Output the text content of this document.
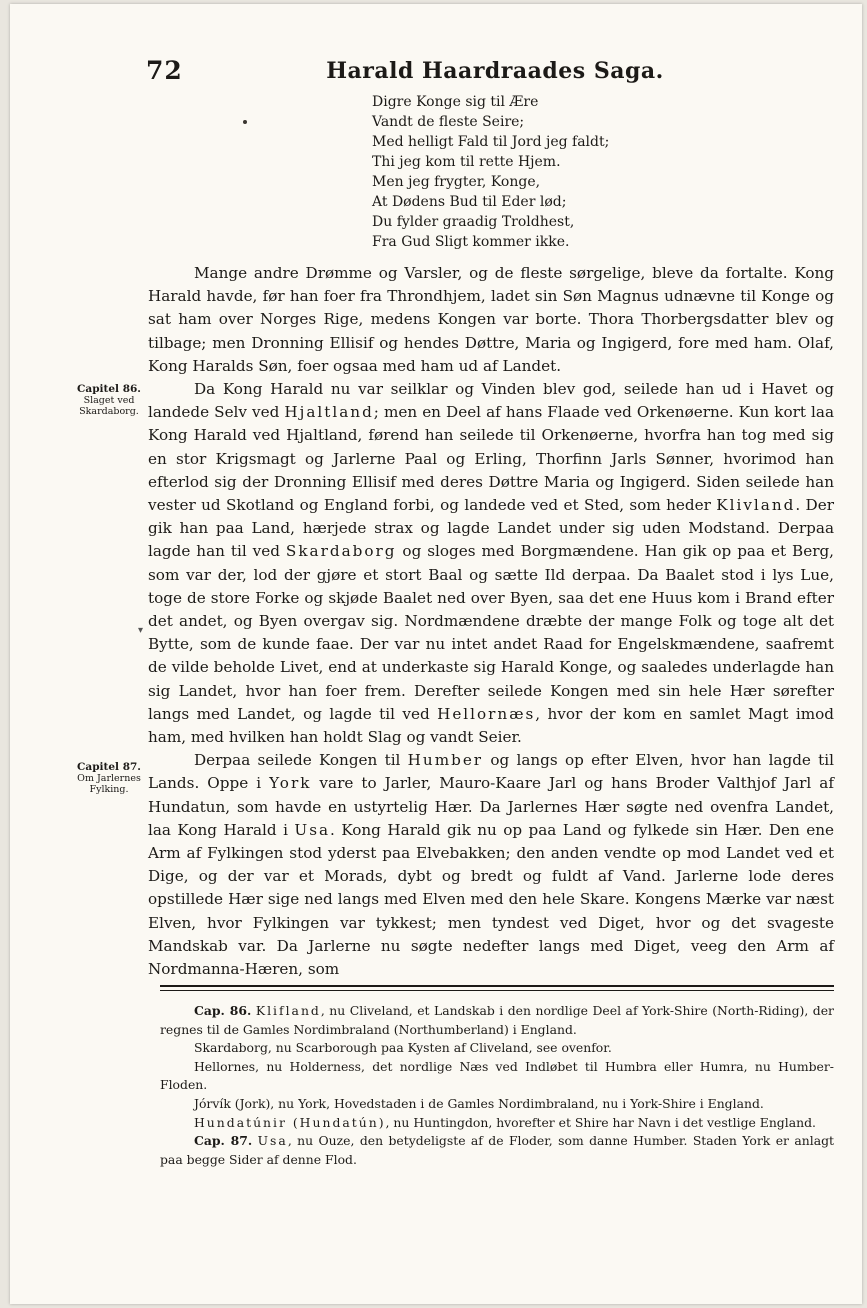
72	Harald Haardraades Saga.
Digre Konge sig til Ære
Vandt de fleste Seire;
Med helligt Fald til Jord jeg faldt;
Thi jeg kom til rette Hjem.
Men jeg frygter, Konge,
At Dødens Bud til Eder lød;
Du fylder graadig Troldhest,
Fra Gud Sligt kommer ikke.
Capitel 86.
Slaget ved
Skardaborg.
Capitel 87.
Om Jarlernes
Fylking.
▾

Mange andre Drømme og Varsler, og de fleste sørgelige, bleve da fortalte. Kong Harald havde, før han foer fra Throndhjem, ladet sin Søn Magnus udnævne til Konge og sat ham over Norges Rige, medens Kongen var borte. Thora Thorbergsdatter blev og tilbage; men Dronning Ellisif og hendes Døttre, Maria og Ingigerd, fore med ham. Olaf, Kong Haralds Søn, foer ogsaa med ham ud af Landet.

Da Kong Harald nu var seilklar og Vinden blev god, seilede han ud i Havet og landede Selv ved Hjaltland; men en Deel af hans Flaade ved Orkenøerne. Kun kort laa Kong Harald ved Hjaltland, førend han seilede til Orkenøerne, hvorfra han tog med sig en stor Krigsmagt og Jarlerne Paal og Erling, Thorfinn Jarls Sønner, hvorimod han efterlod sig der Dronning Ellisif med deres Døttre Maria og Ingigerd. Siden seilede han vester ud Skotland og England forbi, og landede ved et Sted, som heder Klivland. Der gik han paa Land, hærjede strax og lagde Landet under sig uden Modstand. Derpaa lagde han til ved Skardaborg og sloges med Borgmændene. Han gik op paa et Berg, som var der, lod der gjøre et stort Baal og sætte Ild derpaa. Da Baalet stod i lys Lue, toge de store Forke og skjøde Baalet ned over Byen, saa det ene Huus kom i Brand efter det andet, og Byen overgav sig. Nordmændene dræbte der mange Folk og toge alt det Bytte, som de kunde faae. Der var nu intet andet Raad for Engelskmændene, saafremt de vilde beholde Livet, end at underkaste sig Harald Konge, og saaledes underlagde han sig Landet, hvor han foer frem. Derefter seilede Kongen med sin hele Hær sørefter langs med Landet, og lagde til ved Hellornæs, hvor der kom en samlet Magt imod ham, med hvilken han holdt Slag og vandt Seier.

Derpaa seilede Kongen til Humber og langs op efter Elven, hvor han lagde til Lands. Oppe i York vare to Jarler, Mauro-Kaare Jarl og hans Broder Valthjof Jarl af Hundatun, som havde en ustyrtelig Hær. Da Jarlernes Hær søgte ned ovenfra Landet, laa Kong Harald i Usa. Kong Harald gik nu op paa Land og fylkede sin Hær. Den ene Arm af Fylkingen stod yderst paa Elvebakken; den anden vendte op mod Landet ved et Dige, og der var et Morads, dybt og bredt og fuldt af Vand. Jarlerne lode deres opstillede Hær sige ned langs med Elven med den hele Skare. Kongens Mærke var næst Elven, hvor Fylkingen var tykkest; men tyndest ved Diget, hvor og det svageste Mandskab var. Da Jarlerne nu søgte nedefter langs med Diget, veeg den Arm af Nordmanna-Hæren, som

Cap. 86. Klifland, nu Cliveland, et Landskab i den nordlige Deel af York-Shire (North-Riding), der regnes til de Gamles Nordimbraland (Northumberland) i England.

Skardaborg, nu Scarborough paa Kysten af Cliveland, see ovenfor.

Hellornes, nu Holderness, det nordlige Næs ved Indløbet til Humbra eller Humra, nu Humber-Floden.

Jórvík (Jork), nu York, Hovedstaden i de Gamles Nordimbraland, nu i York-Shire i England.

Hundatúnir (Hundatún), nu Huntingdon, hvorefter et Shire har Navn i det vestlige England.

Cap. 87. Usa, nu Ouze, den betydeligste af de Floder, som danne Humber. Staden York er anlagt paa begge Sider af denne Flod.
